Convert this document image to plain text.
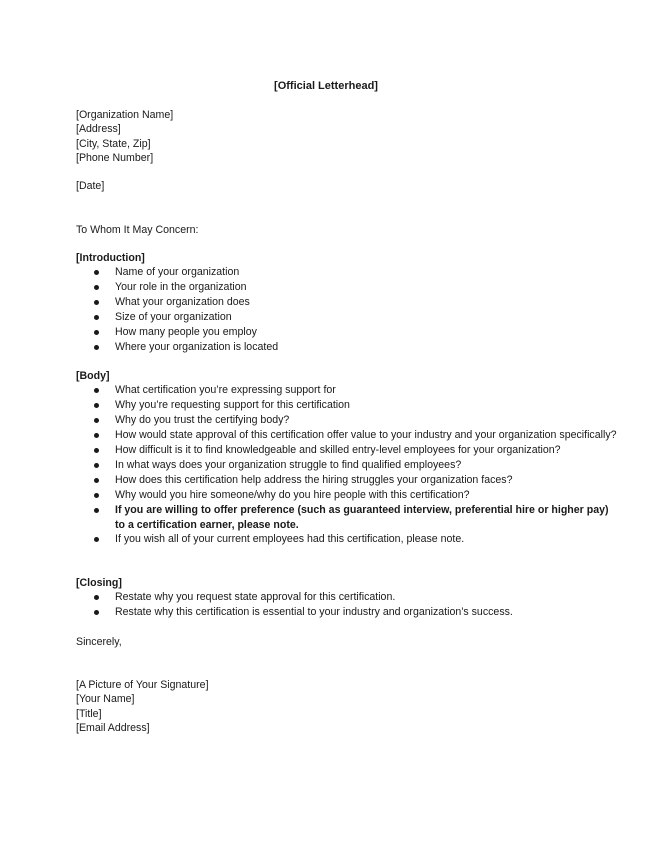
[Official Letterhead]
[Organization Name]
[Address]
[City, State, Zip]
[Phone Number]
[Date]
To Whom It May Concern:
[Introduction]
Name of your organization
Your role in the organization
What your organization does
Size of your organization
How many people you employ
Where your organization is located
[Body]
What certification you’re expressing support for
Why you’re requesting support for this certification
Why do you trust the certifying body?
How would state approval of this certification offer value to your industry and your organization specifically?
How difficult is it to find knowledgeable and skilled entry-level employees for your organization?
In what ways does your organization struggle to find qualified employees?
How does this certification help address the hiring struggles your organization faces?
Why would you hire someone/why do you hire people with this certification?
If you are willing to offer preference (such as guaranteed interview, preferential hire or higher pay) to a certification earner, please note.
If you wish all of your current employees had this certification, please note.
[Closing]
Restate why you request state approval for this certification.
Restate why this certification is essential to your industry and organization’s success.
Sincerely,
[A Picture of Your Signature]
[Your Name]
[Title]
[Email Address]
